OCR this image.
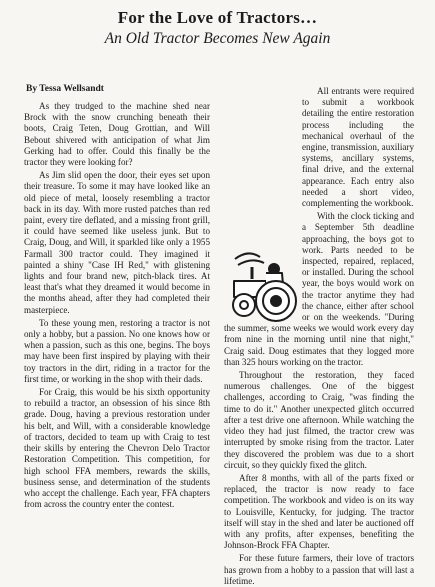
For the Love of Tractors…
An Old Tractor Becomes New Again
By Tessa Wellsandt

As they trudged to the machine shed near Brock with the snow crunching beneath their boots, Craig Teten, Doug Grottian, and Will Bebout shivered with anticipation of what Jim Gerking had to offer. Could this finally be the tractor they were looking for?

As Jim slid open the door, their eyes set upon their treasure. To some it may have looked like an old piece of metal, loosely resembling a tractor back in its day. With more rusted patches than red paint, every tire deflated, and a missing front grill, it could have seemed like useless junk. But to Craig, Doug, and Will, it sparkled like only a 1955 Farmall 300 tractor could. They imagined it painted a shiny "Case IH Red," with glistening lights and four brand new, pitch-black tires. At least that's what they dreamed it would become in the months ahead, after they had completed their masterpiece.

To these young men, restoring a tractor is not only a hobby, but a passion. No one knows how or when a passion, such as this one, begins. The boys may have been first inspired by playing with their toy tractors in the dirt, riding in a tractor for the first time, or working in the shop with their dads.

For Craig, this would be his sixth opportunity to rebuild a tractor, an obsession of his since 8th grade. Doug, having a previous restoration under his belt, and Will, with a considerable knowledge of tractors, decided to team up with Craig to test their skills by entering the Chevron Delo Tractor Restoration Competition. This competition, for high school FFA members, rewards the skills, business sense, and determination of the students who accept the challenge. Each year, FFA chapters from across the country enter the contest.

All entrants were required to submit a workbook detailing the entire restoration process including the mechanical overhaul of the engine, transmission, auxiliary systems, ancillary systems, final drive, and the external appearance. Each entry also needed a short video, complementing the workbook.

With the clock ticking and a September 5th deadline approaching, the boys got to work. Parts needed to be inspected, repaired, replaced, or installed. During the school year, the boys would work on the tractor anytime they had the chance, either after school or on the weekends. "During the summer, some weeks we would work every day from nine in the morning until nine that night," Craig said. Doug estimates that they logged more than 325 hours working on the tractor.

Throughout the restoration, they faced numerous challenges. One of the biggest challenges, according to Craig, "was finding the time to do it." Another unexpected glitch occurred after a test drive one afternoon. While watching the video they had just filmed, the tractor crew was interrupted by smoke rising from the tractor. Later they discovered the problem was due to a short circuit, so they quickly fixed the glitch.

After 8 months, with all of the parts fixed or replaced, the tractor is now ready to face competition. The workbook and video is on its way to Louisville, Kentucky, for judging. The tractor itself will stay in the shed and later be auctioned off with any profits, after expenses, benefiting the Johnson-Brock FFA Chapter.

For these future farmers, their love of tractors has grown from a hobby to a passion that will last a lifetime.
